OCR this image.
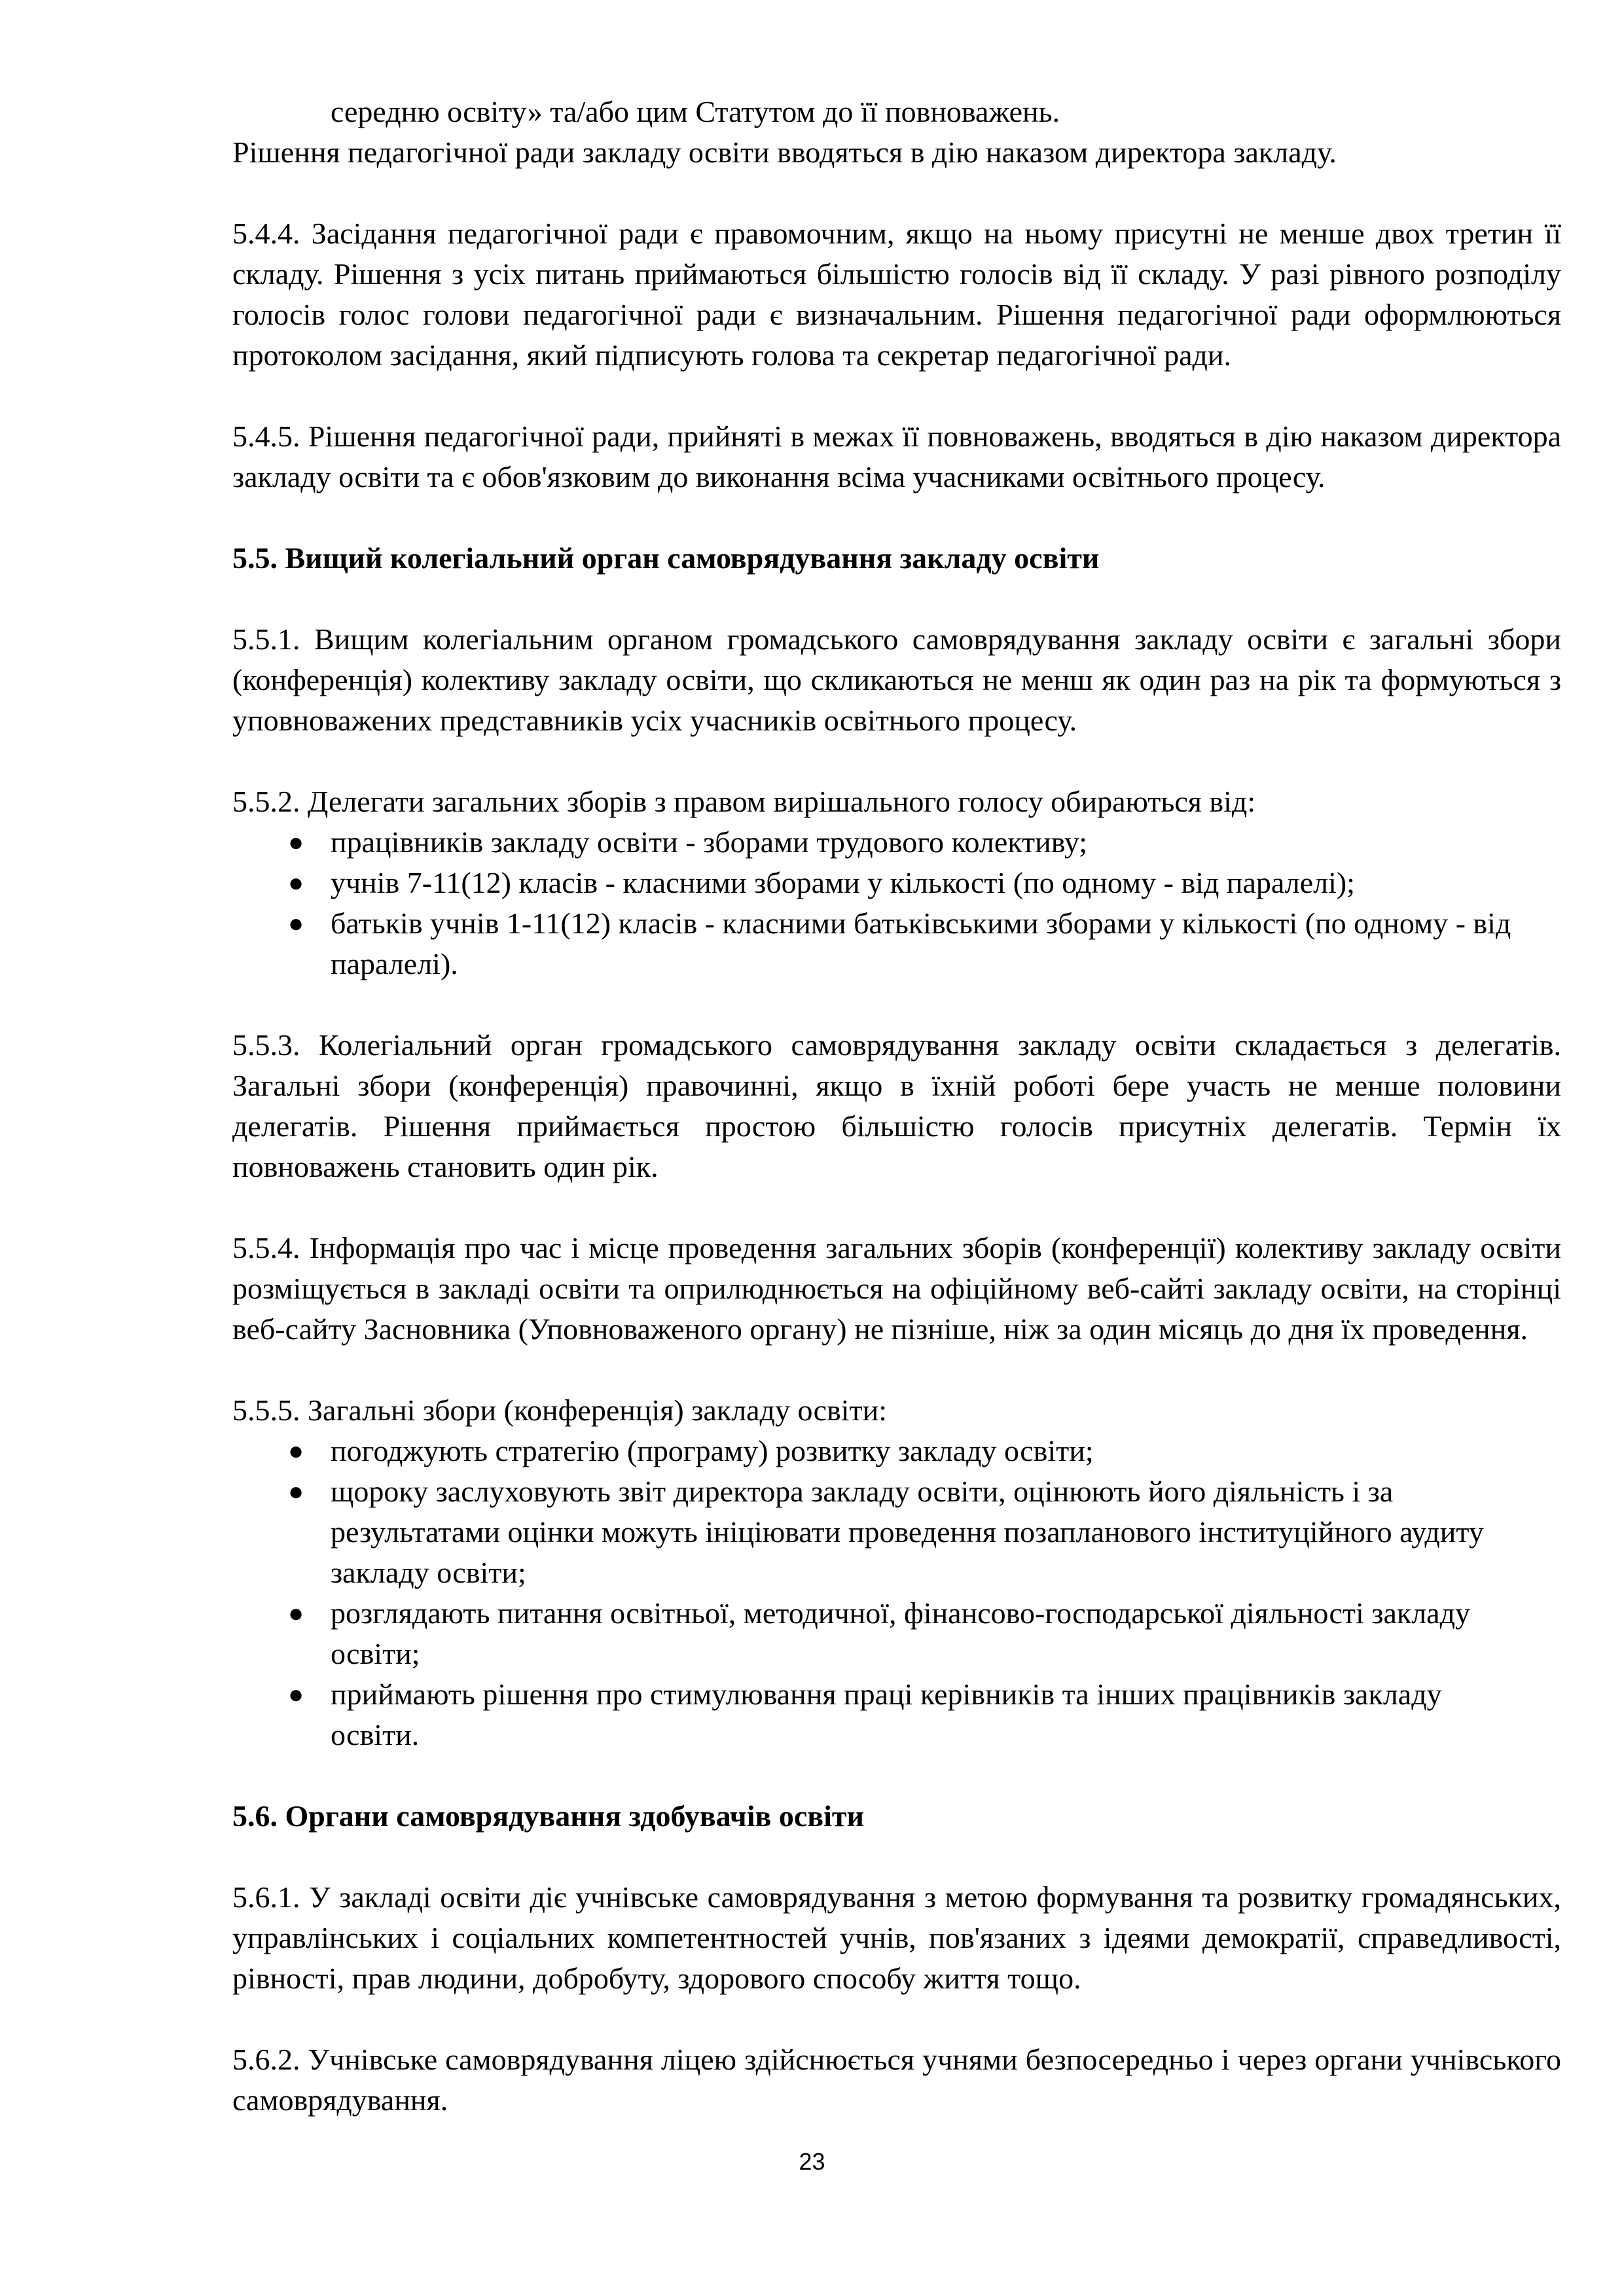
середню освіту» та/або цим Статутом до її повноважень.

Рішення педагогічної ради закладу освіти вводяться в дію наказом директора закладу.

5.4.4. Засідання педагогічної ради є правомочним, якщо на ньому присутні не менше двох третин її складу. Рішення з усіх питань приймаються більшістю голосів від її складу. У разі рівного розподілу голосів голос голови педагогічної ради є визначальним. Рішення педагогічної ради оформлюються протоколом засідання, який підписують голова та секретар педагогічної ради.

5.4.5. Рішення педагогічної ради, прийняті в межах її повноважень, вводяться в дію наказом директора закладу освіти та є обов'язковим до виконання всіма учасниками освітнього процесу.

5.5. Вищий колегіальний орган самоврядування закладу освіти

5.5.1. Вищим колегіальним органом громадського самоврядування закладу освіти є загальні збори (конференція) колективу закладу освіти, що скликаються не менш як один раз на рік та формуються з уповноважених представників усіх учасників освітнього процесу.

5.5.2. Делегати загальних зборів з правом вирішального голосу обираються від:

● працівників закладу освіти - зборами трудового колективу;
● учнів 7-11(12) класів - класними зборами у кількості (по одному - від паралелі);
● батьків учнів 1-11(12) класів - класними батьківськими зборами у кількості (по одному - від паралелі).

5.5.3. Колегіальний орган громадського самоврядування закладу освіти складається з делегатів. Загальні збори (конференція) правочинні, якщо в їхній роботі бере участь не менше половини делегатів. Рішення приймається простою більшістю голосів присутніх делегатів. Термін їх повноважень становить один рік.

5.5.4. Інформація про час і місце проведення загальних зборів (конференції) колективу закладу освіти розміщується в закладі освіти та оприлюднюється на офіційному веб-сайті закладу освіти, на сторінці веб-сайту Засновника (Уповноваженого органу) не пізніше, ніж за один місяць до дня їх проведення.

5.5.5. Загальні збори (конференція) закладу освіти:

● погоджують стратегію (програму) розвитку закладу освіти;
● щороку заслуховують звіт директора закладу освіти, оцінюють його діяльність і за результатами оцінки можуть ініціювати проведення позапланового інституційного аудиту закладу освіти;
● розглядають питання освітньої, методичної, фінансово-господарської діяльності закладу освіти;
● приймають рішення про стимулювання праці керівників та інших працівників закладу освіти.

5.6. Органи самоврядування здобувачів освіти

5.6.1. У закладі освіти діє учнівське самоврядування з метою формування та розвитку громадянських, управлінських і соціальних компетентностей учнів, пов'язаних з ідеями демократії, справедливості, рівності, прав людини, добробуту, здорового способу життя тощо.

5.6.2. Учнівське самоврядування ліцею здійснюється учнями безпосередньо і через органи учнівського самоврядування.

23
